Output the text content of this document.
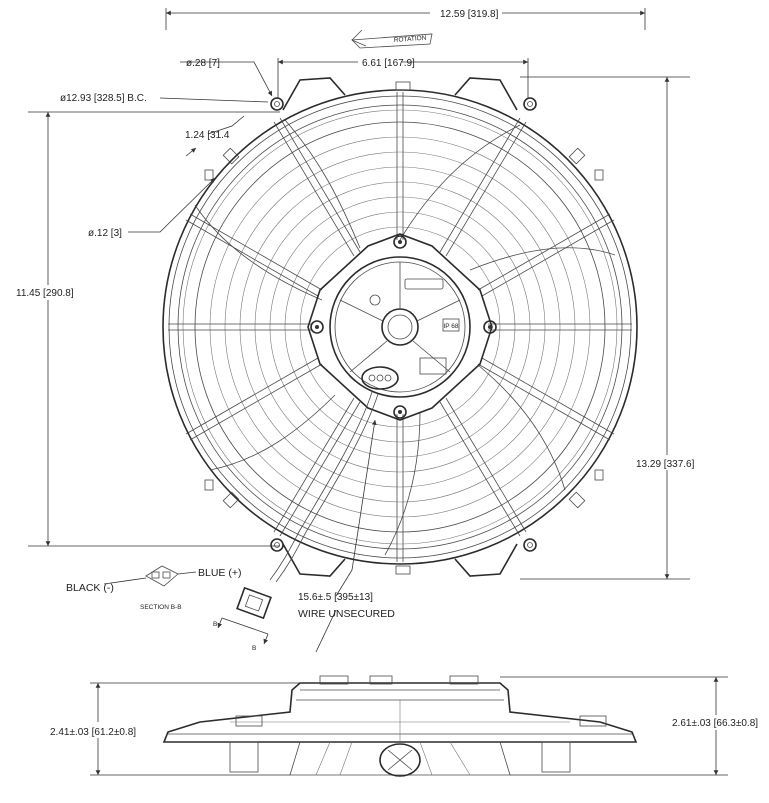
IP 68
B
B
12.59 [319.8]
6.61 [167.9]
ROTATION
ø.28 [7]
ø12.93 [328.5] B.C.
1.24 [31.4
ø.12 [3]
11.45 [290.8]
13.29 [337.6]
15.6±.5 [395±13]
WIRE UNSECURED
BLACK (-)
BLUE (+)
SECTION B-B
2.41±.03 [61.2±0.8]
2.61±.03 [66.3±0.8]
